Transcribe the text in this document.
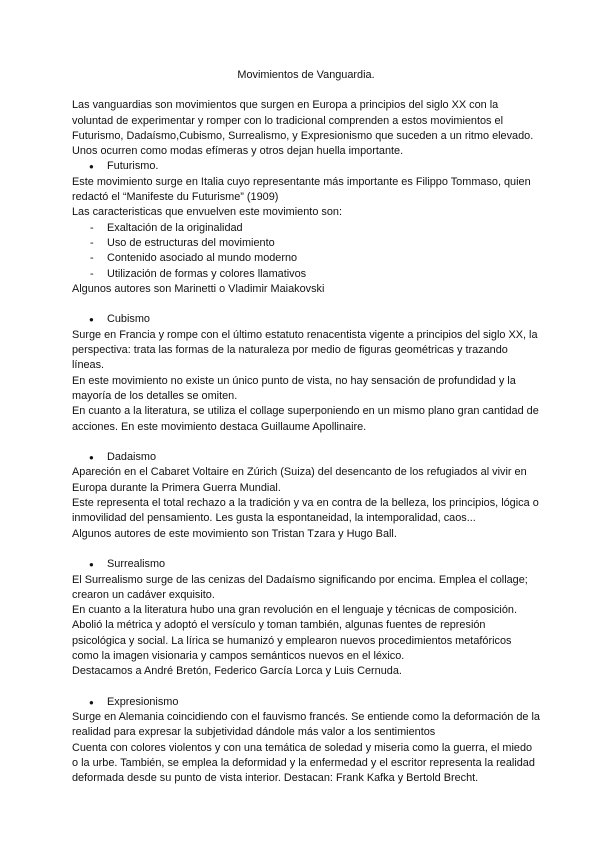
Movimientos de Vanguardia.

Las vanguardias son movimientos que surgen en Europa a principios del siglo XX con la voluntad de experimentar y romper con lo tradicional comprenden a estos movimientos el Futurismo, Dadaísmo,Cubismo, Surrealismo, y Expresionismo que suceden a un ritmo elevado. Unos ocurren como modas efímeras y otros dejan huella importante.

● Futurismo.

Este movimiento surge en Italia cuyo representante más importante es Filippo Tommaso, quien redactó el “Manifeste du Futurisme” (1909)

Las caracteristicas que envuelven este movimiento son:

- Exaltación de la originalidad
- Uso de estructuras del movimiento
- Contenido asociado al mundo moderno
- Utilización de formas y colores llamativos

Algunos autores son Marinetti o Vladimir Maiakovski

● Cubismo

Surge en Francia y rompe con el último estatuto renacentista vigente a principios del siglo XX, la perspectiva: trata las formas de la naturaleza por medio de figuras geométricas y trazando líneas.

En este movimiento no existe un único punto de vista, no hay sensación de profundidad y la mayoría de los detalles se omiten.

En cuanto a la literatura, se utiliza el collage superponiendo en un mismo plano gran cantidad de acciones. En este movimiento destaca Guillaume Apollinaire.

● Dadaismo

Apareción en el Cabaret Voltaire en Zúrich (Suiza) del desencanto de los refugiados al vivir en Europa durante la Primera Guerra Mundial.

Este representa el total rechazo a la tradición y va en contra de la belleza, los principios, lógica o inmovilidad del pensamiento. Les gusta la espontaneidad, la intemporalidad, caos...

Algunos autores de este movimiento son Tristan Tzara y Hugo Ball.

● Surrealismo

El Surrealismo surge de las cenizas del Dadaísmo significando por encima. Emplea el collage; crearon un cadáver exquisito.

En cuanto a la literatura hubo una gran revolución en el lenguaje y técnicas de composición. Abolió la métrica y adoptó el versículo y toman también, algunas fuentes de represión psicológica y social. La lírica se humanizó y emplearon nuevos procedimientos metafóricos como la imagen visionaria y campos semánticos nuevos en el léxico.

Destacamos a André Bretón, Federico García Lorca y Luis Cernuda.

● Expresionismo

Surge en Alemania coincidiendo con el fauvismo francés. Se entiende como la deformación de la realidad para expresar la subjetividad dándole más valor a los sentimientos

Cuenta con colores violentos y con una temática de soledad y miseria como la guerra, el miedo o la urbe. También, se emplea la deformidad y la enfermedad y el escritor representa la realidad deformada desde su punto de vista interior. Destacan: Frank Kafka y Bertold Brecht.
